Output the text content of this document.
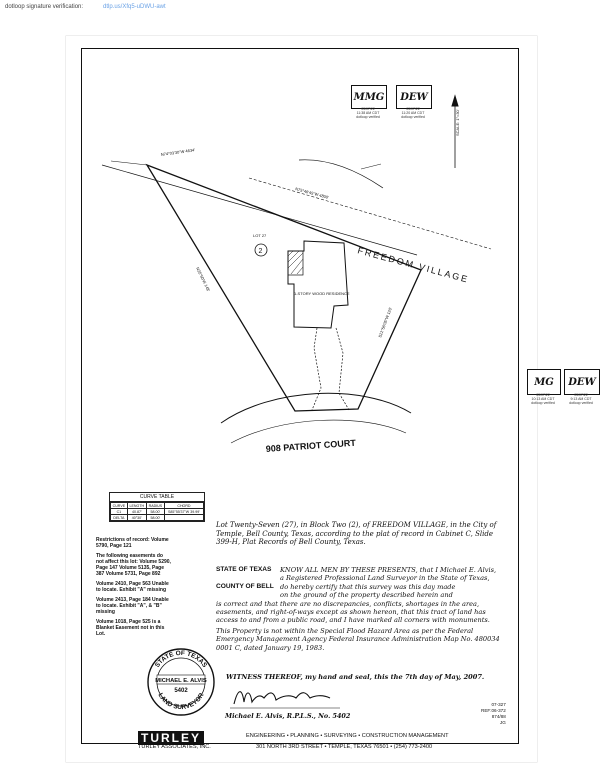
dotloop signature verification:	dtlp.us/Xfq5-uDWU-awt
MMG
03/07/22
11:38 AM CDT
dotloop verified
DEW
03/07/22
11:20 AM CDT
dotloop verified
MG
03/07/22
10:13 AM CDT
dotloop verified
DEW
03/07/22
9:13 AM CDT
dotloop verified
FREEDOM VILLAGE
LOT 27
2
1-STORY WOOD RESIDENCE
908 PATRIOT COURT
SCALE: 1"=30'
N74°03'30"W 4634'
N75°46'45"W 4800'
S21°56'05"W 120'
N25°50'W 148'
CURVE TABLE
CURVE	LENGTH	RADIUS	CHORD
C1	40.87'	58.00'	S85°55'37"W 39.99'
DELTA	40°30'	58.00'	
Restrictions of record: Volume 5790, Page 121
The following easements do not affect this lot: Volume 5290, Page 147 Volume 5135, Page 387 Volume 5731, Page 892
Volume 2410, Page 563 Unable to locate. Exhibit "A" missing
Volume 2413, Page 184 Unable to locate. Exhibit "A", & "B" missing
Volume 1018, Page 525 is a Blanket Easement not in this Lot.
STATE OF TEXAS
LAND SURVEYOR
MICHAEL E. ALVIS
5402
Lot Twenty-Seven (27), in Block Two (2), of FREEDOM VILLAGE, in the City of Temple, Bell County, Texas, according to the plat of record in Cabinet C, Slide 399-H, Plat Records of Bell County, Texas.
STATE OF TEXAS KNOW ALL MEN BY THESE PRESENTS, that I Michael E. Alvis,
a Registered Professional Land Surveyor in the State of Texas,
COUNTY OF BELL do hereby certify that this survey was this day made
on the ground of the property described herein and
is correct and that there are no discrepancies, conflicts, shortages in the area, easements, and right-of-ways except as shown hereon, that this tract of land has access to and from a public road, and I have marked all corners with monuments.
This Property is not within the Special Flood Hazard Area as per the Federal Emergency Management Agency Federal Insurance Administration Map No. 480034 0001 C, dated January 19, 1983.
WITNESS THEREOF, my hand and seal, this the 7th day of May, 2007.
Michael E. Alvis, R.P.L.S., No. 5402
07-327
REF:06-372
874/88
JG
TURLEY
TURLEY ASSOCIATES, INC.
ENGINEERING • PLANNING • SURVEYING • CONSTRUCTION MANAGEMENT
301 NORTH 3RD STREET • TEMPLE, TEXAS 76501 • (254) 773-2400
